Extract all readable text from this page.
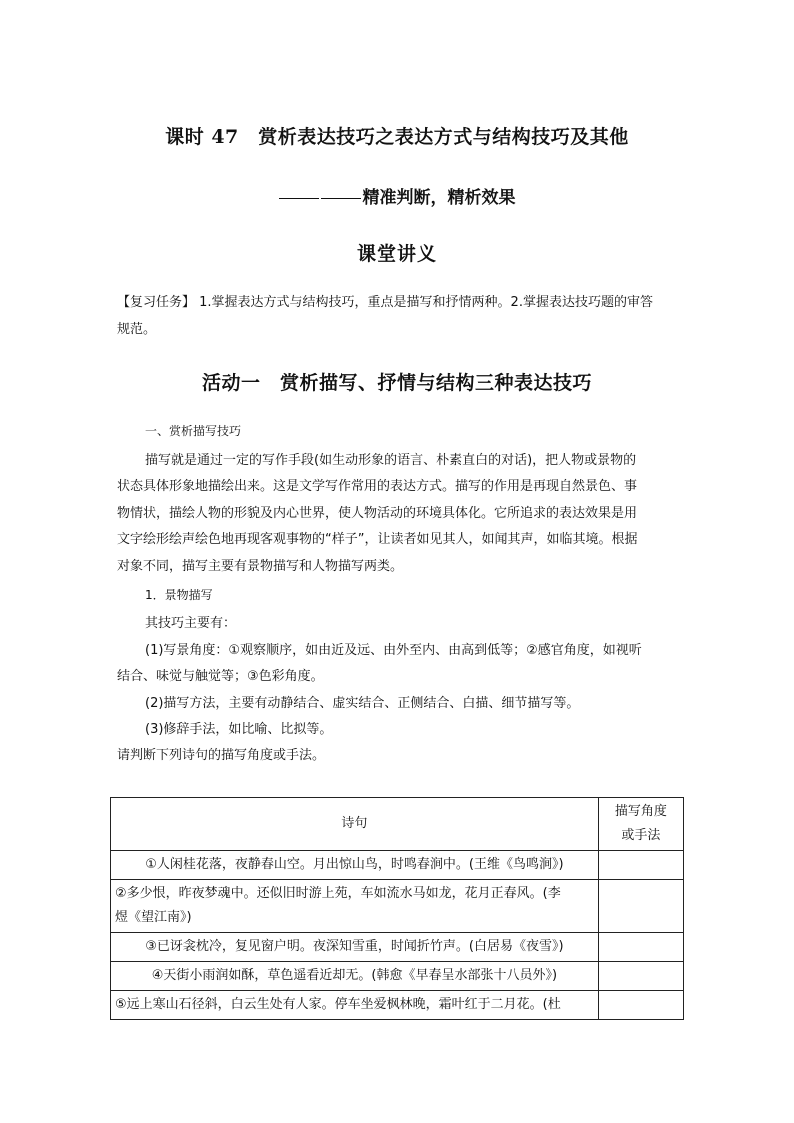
课时 47　赏析表达技巧之表达方式与结构技巧及其他
精准判断，精析效果
课堂讲义
【复习任务】 1.掌握表达方式与结构技巧，重点是描写和抒情两种。2.掌握表达技巧题的审答
规范。
活动一　赏析描写、抒情与结构三种表达技巧
一、赏析描写技巧
描写就是通过一定的写作手段(如生动形象的语言、朴素直白的对话)，把人物或景物的
状态具体形象地描绘出来。这是文学写作常用的表达方式。描写的作用是再现自然景色、事
物情状，描绘人物的形貌及内心世界，使人物活动的环境具体化。它所追求的表达效果是用
文字绘形绘声绘色地再现客观事物的“样子”，让读者如见其人，如闻其声，如临其境。根据
对象不同，描写主要有景物描写和人物描写两类。
1．景物描写
其技巧主要有：
(1)写景角度：①观察顺序，如由近及远、由外至内、由高到低等；②感官角度，如视听
结合、味觉与触觉等；③色彩角度。
(2)描写方法，主要有动静结合、虚实结合、正侧结合、白描、细节描写等。
(3)修辞手法，如比喻、比拟等。
请判断下列诗句的描写角度或手法。
诗句	描写角度
或手法

①人闲桂花落，夜静春山空。月出惊山鸟，时鸣春涧中。(王维《鸟鸣涧》)	

②多少恨，昨夜梦魂中。还似旧时游上苑，车如流水马如龙，花月正春风。(李
煜《望江南》)	

③已讶衾枕冷，复见窗户明。夜深知雪重，时闻折竹声。(白居易《夜雪》)	
④天街小雨润如酥，草色遥看近却无。(韩愈《早春呈水部张十八员外》)	
⑤远上寒山石径斜，白云生处有人家。停车坐爱枫林晚，霜叶红于二月花。(杜	
